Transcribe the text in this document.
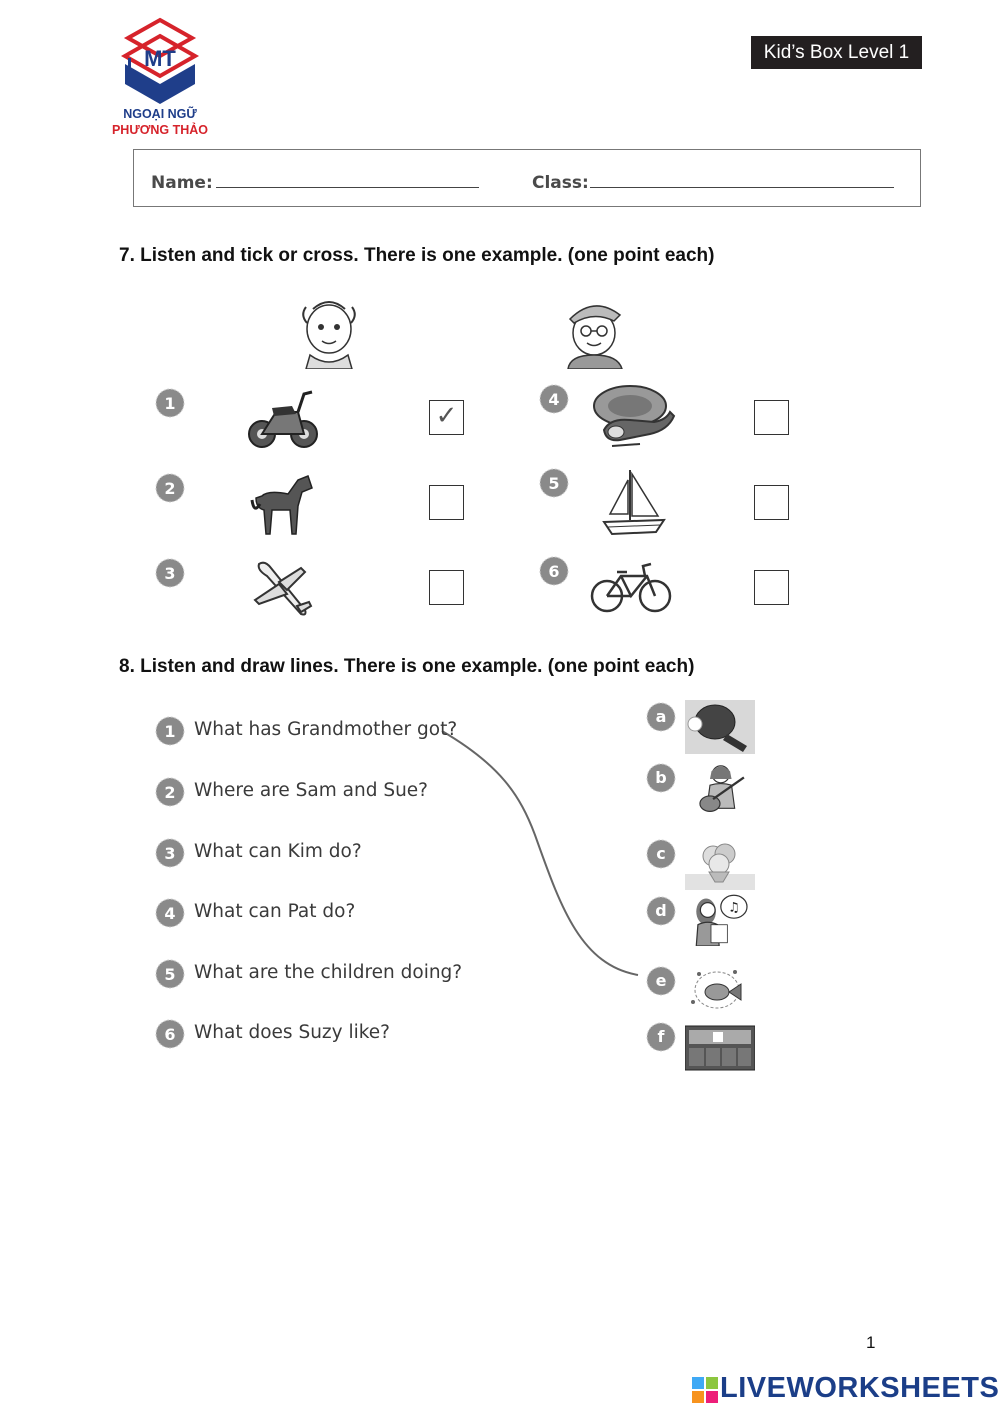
MT
NGOẠI NGỮ
PHƯƠNG THẢO
Kid’s Box Level 1
Name:	Class:
7. Listen and tick or cross. There is one example. (one point each)
1
2
3
4
5
6
✓
8. Listen and draw lines. There is one example. (one point each)
1 What has Grandmother got?
2 Where are Sam and Sue?
3 What can Kim do?
4 What can Pat do?
5 What are the children doing?
6 What does Suzy like?
a
b
c
d
e
f
♫
1
LIVEWORKSHEETS
